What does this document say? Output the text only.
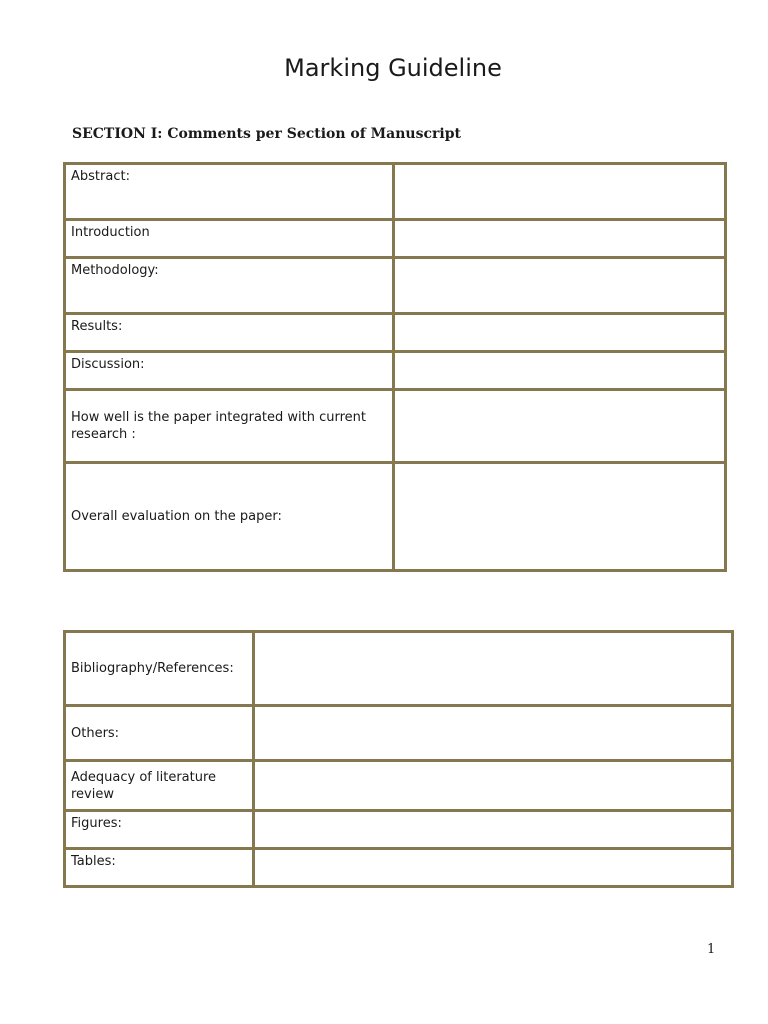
Marking Guideline
SECTION I: Comments per Section of Manuscript
Abstract:	
Introduction	
Methodology:	
Results:	
Discussion:	
How well is the paper integrated with current research :	
Overall evaluation on the paper:	
Bibliography/References:	
Others:	
Adequacy of literature review	
Figures:	
Tables:	
1
